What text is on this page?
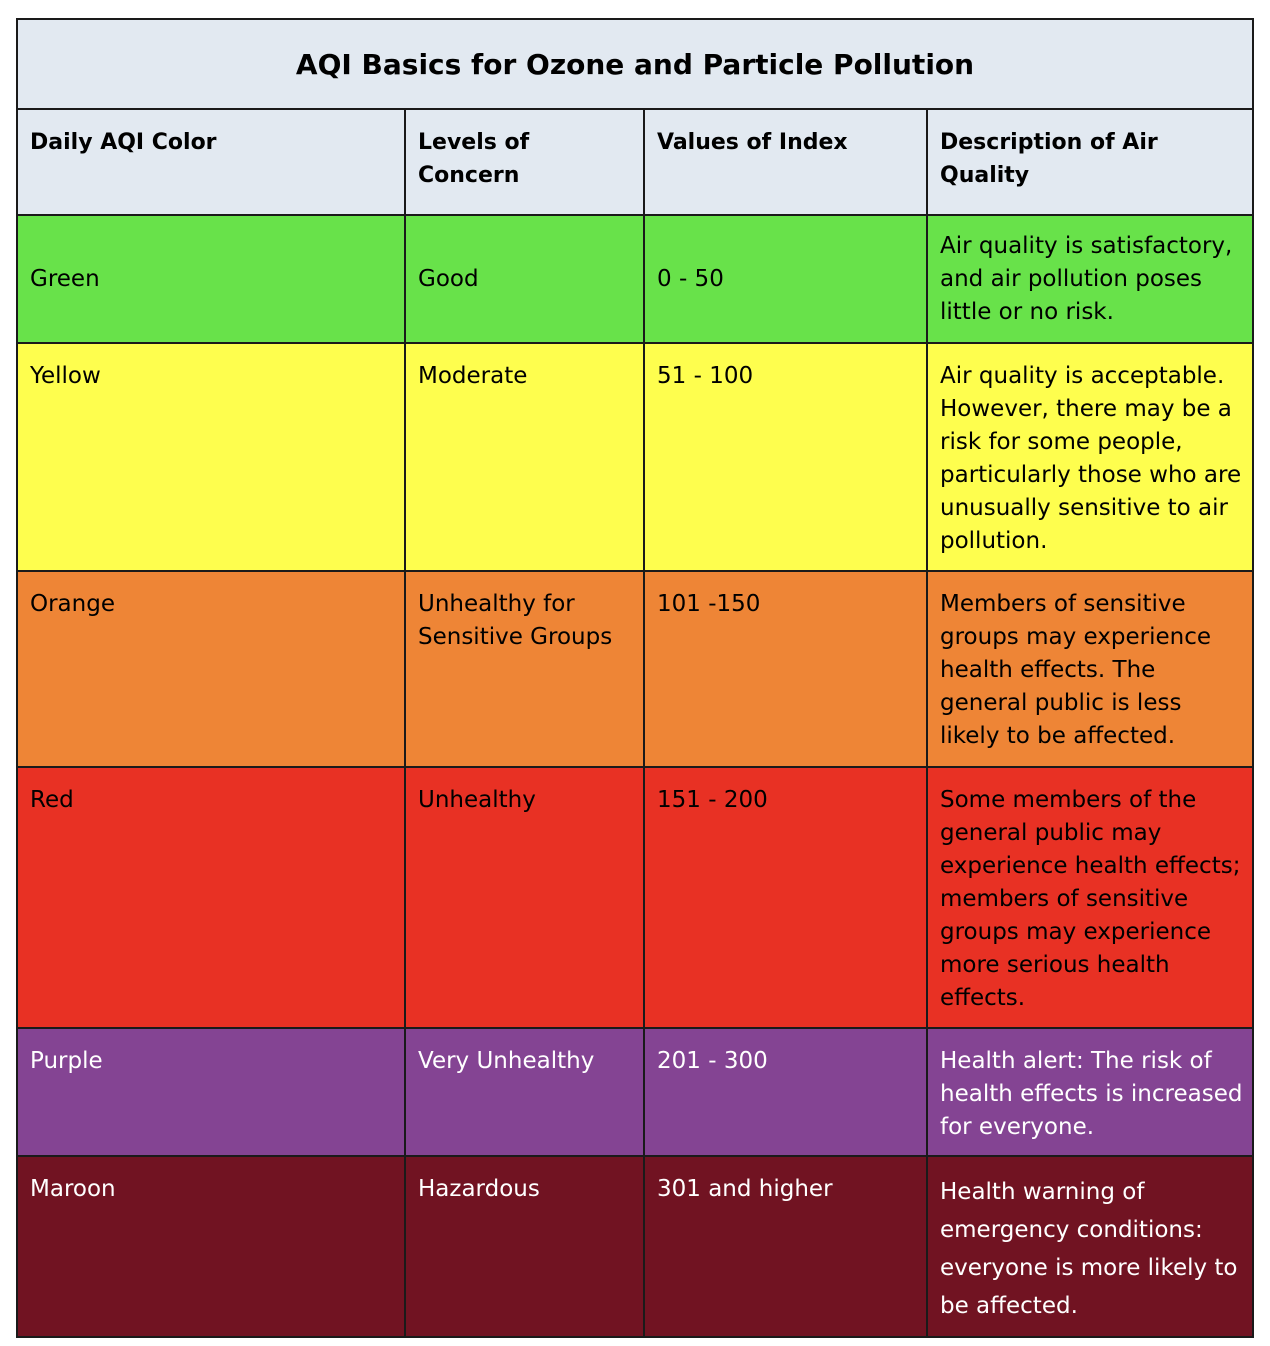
AQI Basics for Ozone and Particle Pollution			
Daily AQI Color	Levels of Concern	Values of Index	Description of Air Quality
Green	Good	0 - 50	Air quality is satisfactory, and air pollution poses little or no risk.
Yellow	Moderate	51 - 100	Air quality is acceptable. However, there may be a risk for some people, particularly those who are unusually sensitive to air pollution.
Orange	Unhealthy for Sensitive Groups	101 -150	Members of sensitive groups may experience health effects. The general public is less likely to be affected.
Red	Unhealthy	151 - 200	Some members of the general public may experience health effects; members of sensitive groups may experience more serious health effects.
Purple	Very Unhealthy	201 - 300	Health alert: The risk of health effects is increased for everyone.
Maroon	Hazardous	301 and higher	Health warning of emergency conditions: everyone is more likely to be affected.
